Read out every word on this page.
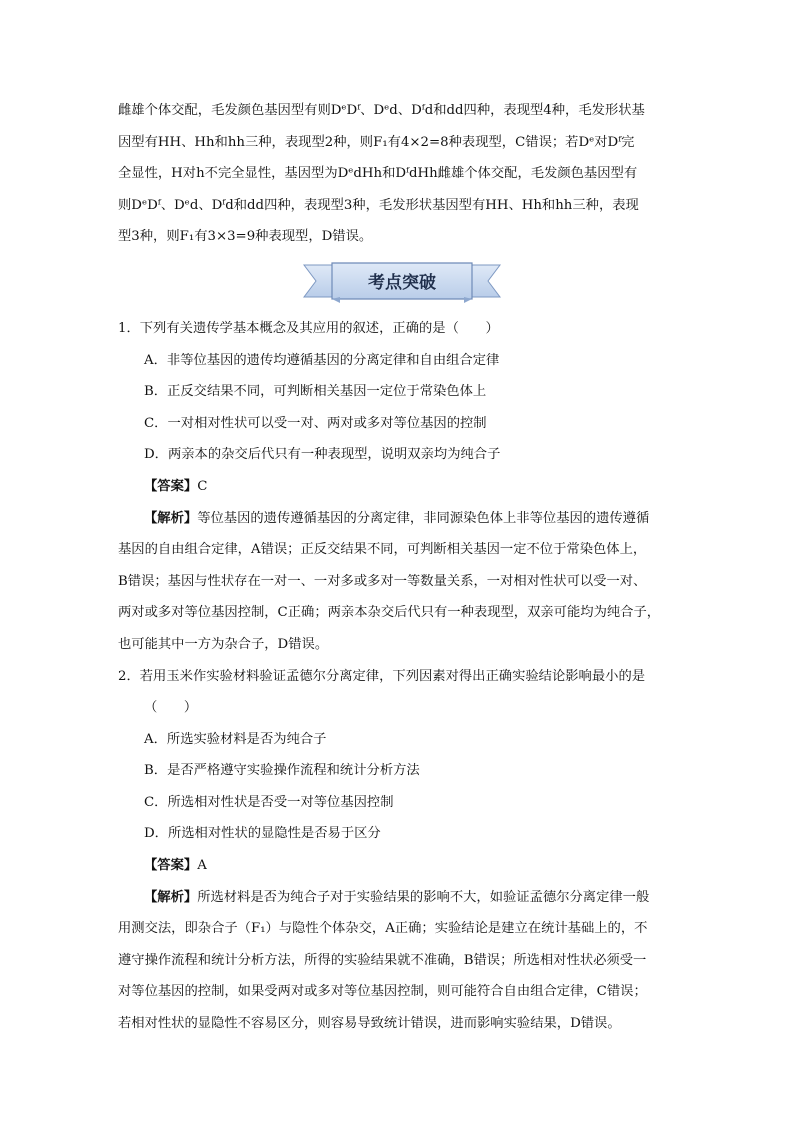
雌雄个体交配，毛发颜色基因型有则DᵉDᶠ、Dᵉd、Dᶠd和dd四种，表现型4种，毛发形状基

因型有HH、Hh和hh三种，表现型2种，则F₁有4×2=8种表现型，C错误；若Dᵉ对Dᶠ完

全显性，H对h不完全显性，基因型为DᵉdHh和DᶠdHh雌雄个体交配，毛发颜色基因型有

则DᵉDᶠ、Dᵉd、Dᶠd和dd四种，表现型3种，毛发形状基因型有HH、Hh和hh三种，表现

型3种，则F₁有3×3=9种表现型，D错误。

考点突破

1．下列有关遗传学基本概念及其应用的叙述，正确的是（　　）

A．非等位基因的遗传均遵循基因的分离定律和自由组合定律

B．正反交结果不同，可判断相关基因一定位于常染色体上

C．一对相对性状可以受一对、两对或多对等位基因的控制

D．两亲本的杂交后代只有一种表现型，说明双亲均为纯合子

【答案】C

【解析】等位基因的遗传遵循基因的分离定律，非同源染色体上非等位基因的遗传遵循

基因的自由组合定律，A错误；正反交结果不同，可判断相关基因一定不位于常染色体上，

B错误；基因与性状存在一对一、一对多或多对一等数量关系，一对相对性状可以受一对、

两对或多对等位基因控制，C正确；两亲本杂交后代只有一种表现型，双亲可能均为纯合子，

也可能其中一方为杂合子，D错误。

2．若用玉米作实验材料验证孟德尔分离定律，下列因素对得出正确实验结论影响最小的是

（　　）

A．所选实验材料是否为纯合子

B．是否严格遵守实验操作流程和统计分析方法

C．所选相对性状是否受一对等位基因控制

D．所选相对性状的显隐性是否易于区分

【答案】A

【解析】所选材料是否为纯合子对于实验结果的影响不大，如验证孟德尔分离定律一般

用测交法，即杂合子（F₁）与隐性个体杂交，A正确；实验结论是建立在统计基础上的，不

遵守操作流程和统计分析方法，所得的实验结果就不准确，B错误；所选相对性状必须受一

对等位基因的控制，如果受两对或多对等位基因控制，则可能符合自由组合定律，C错误；

若相对性状的显隐性不容易区分，则容易导致统计错误，进而影响实验结果，D错误。
